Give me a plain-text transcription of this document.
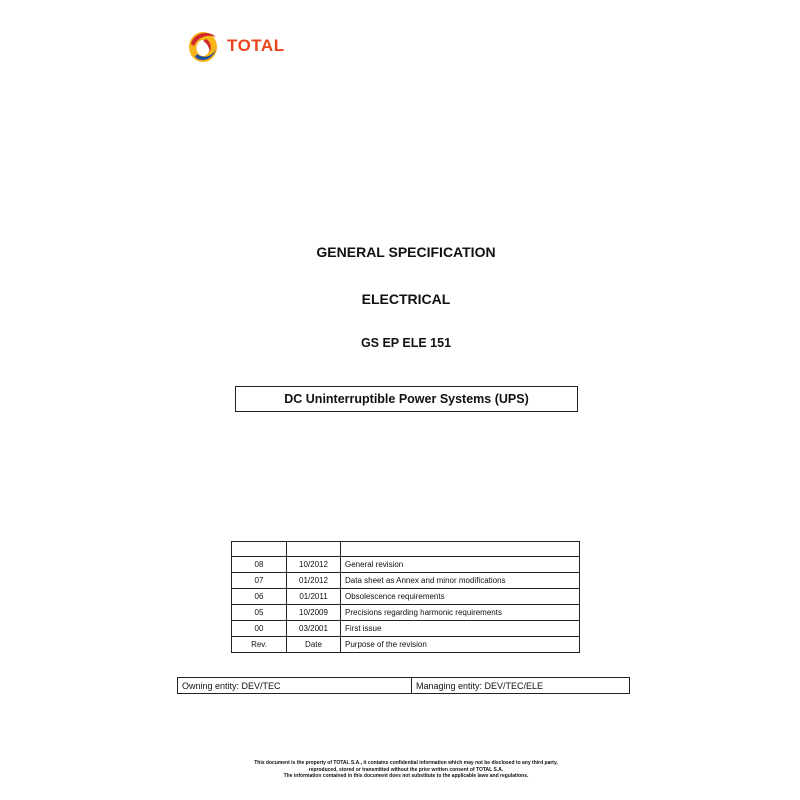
TOTAL
GENERAL SPECIFICATION
ELECTRICAL
GS EP ELE 151
DC Uninterruptible Power Systems (UPS)

08	10/2012	General revision
07	01/2012	Data sheet as Annex and minor modifications
06	01/2011	Obsolescence requirements
05	10/2009	Precisions regarding harmonic requirements
00	03/2001	First issue
Rev.	Date	Purpose of the revision
Owning entity: DEV/TEC	Managing entity: DEV/TEC/ELE
This document is the property of TOTAL S.A., it contains confidential information which may not be disclosed to any third party,
reproduced, stored or transmitted without the prior written consent of TOTAL S.A.
The information contained in this document does not substitute to the applicable laws and regulations.
